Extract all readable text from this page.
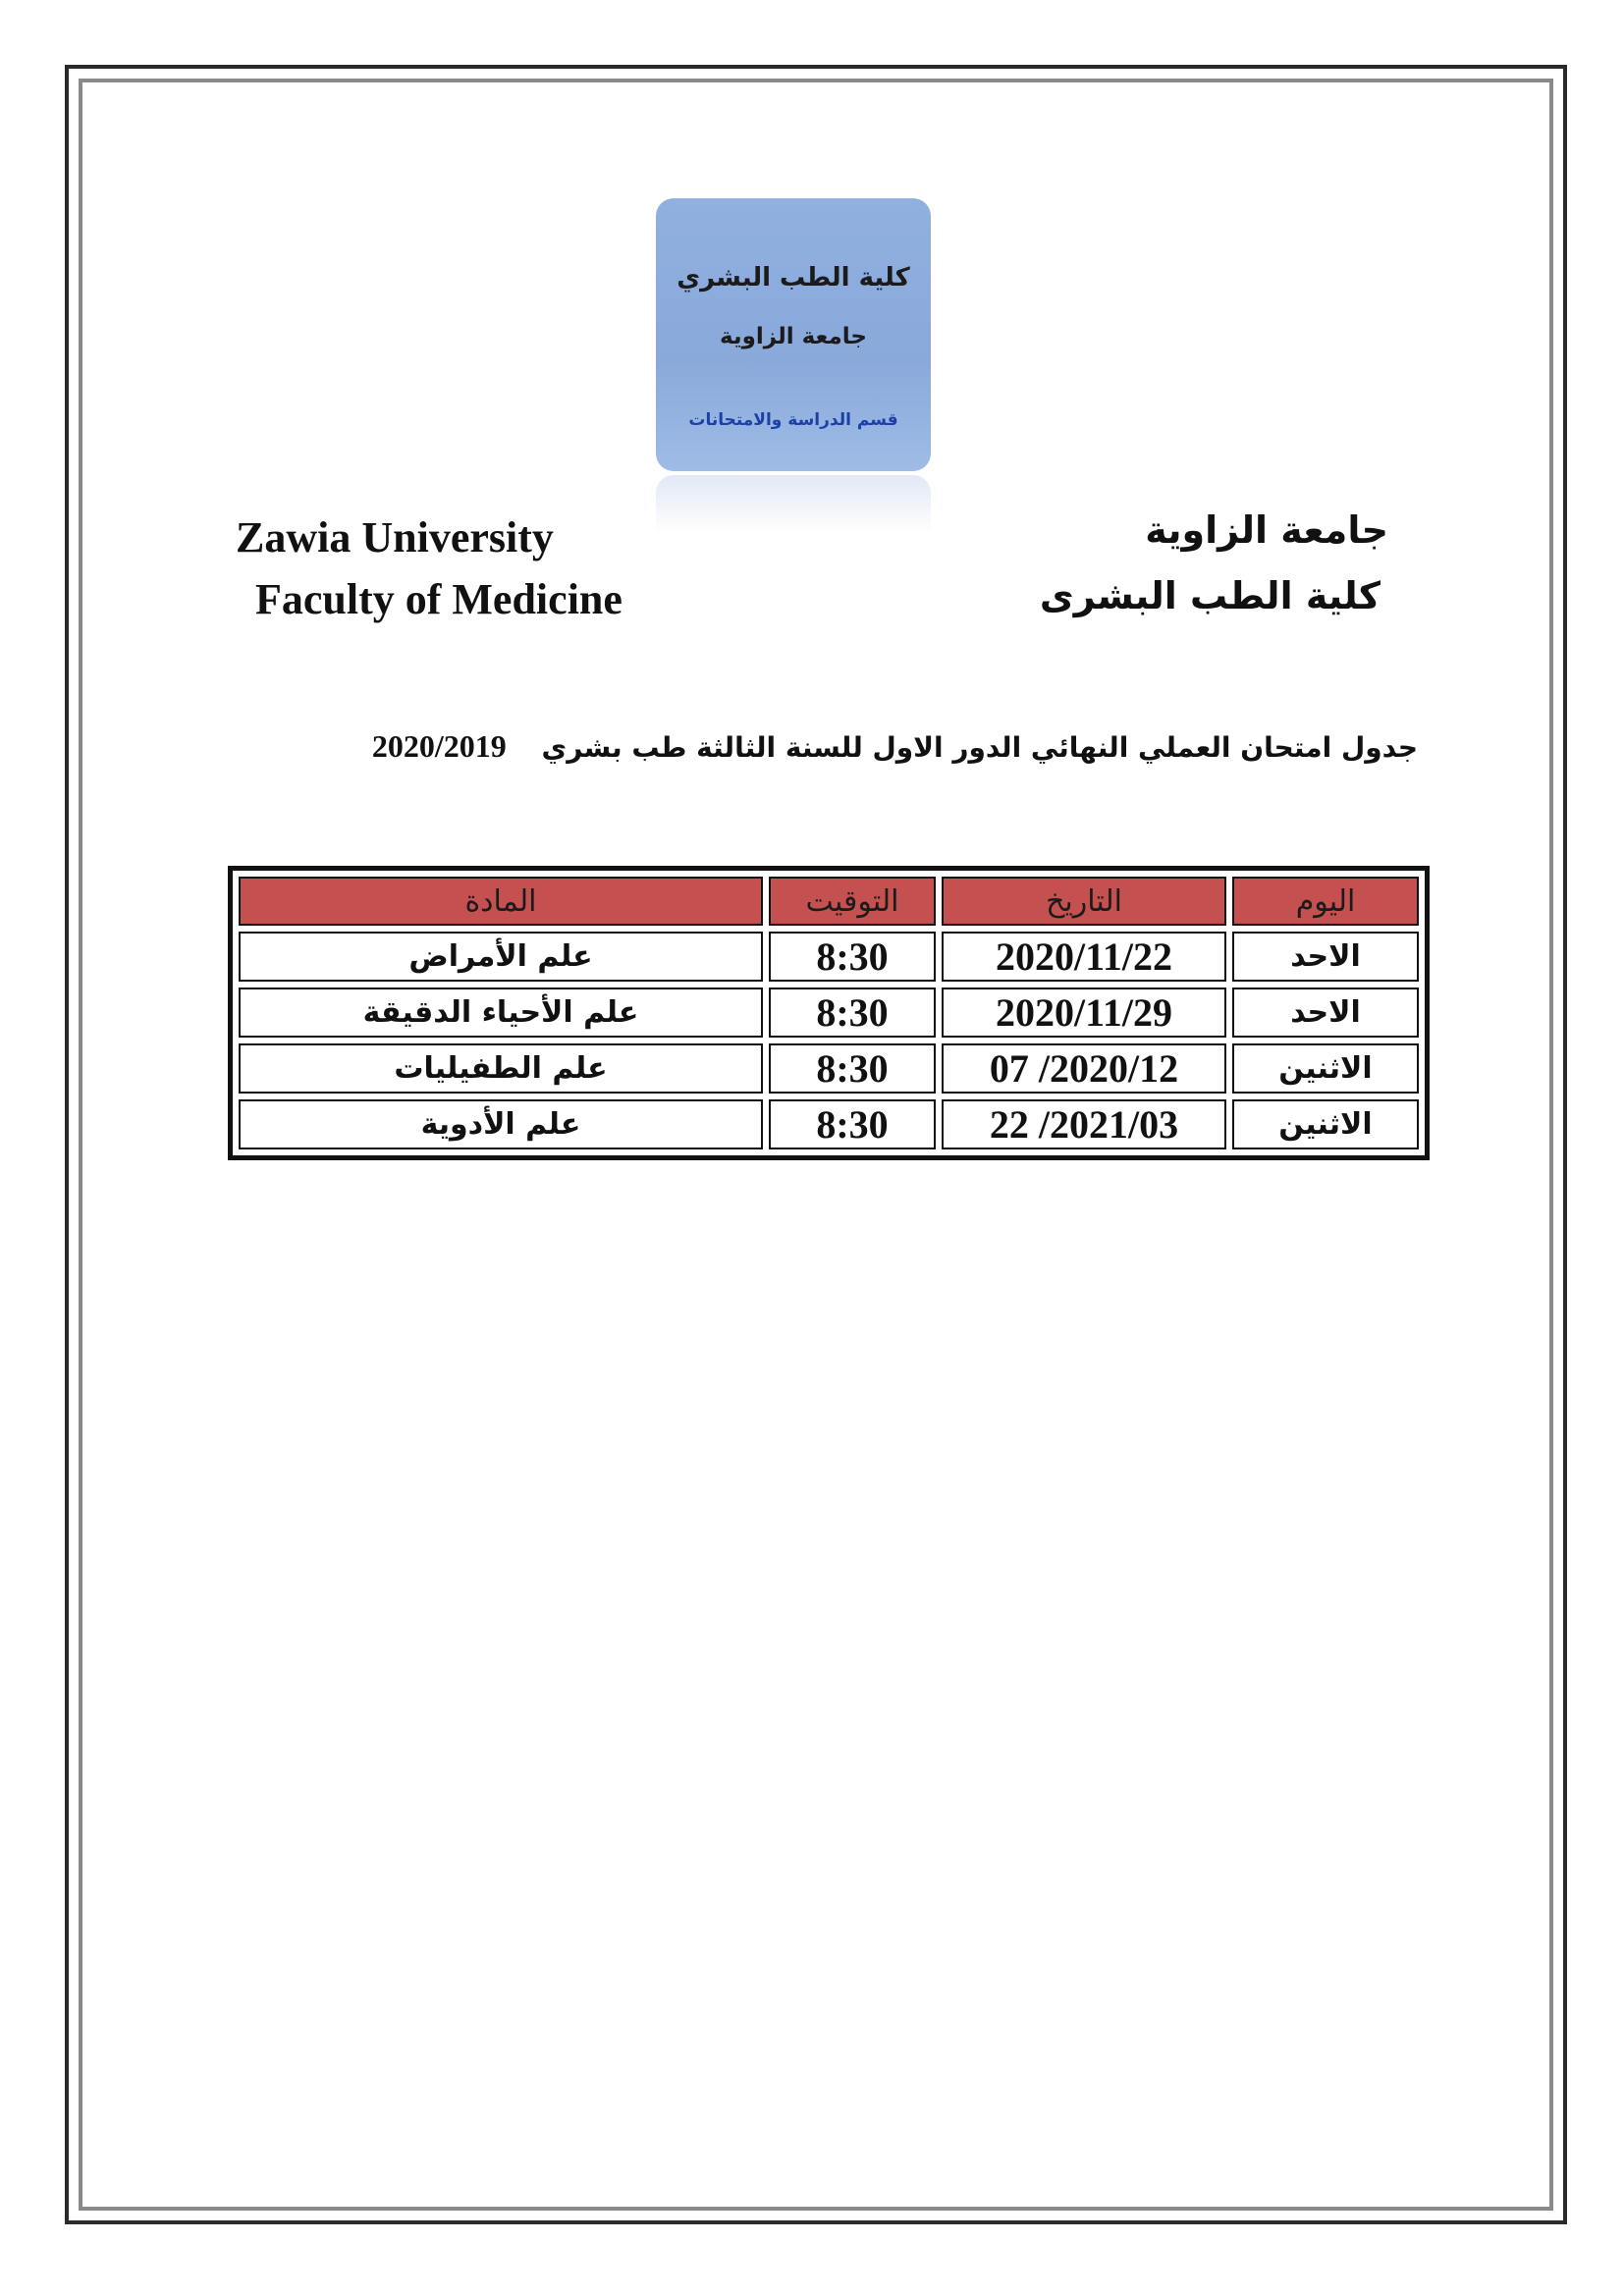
كلية الطب البشري
جامعة الزاوية
قسم الدراسة والامتحانات
Zawia University
Faculty of Medicine
جامعة الزاوية
كلية الطب البشرى
جدول امتحان العملي النهائي الدور الاول للسنة الثالثة طب بشري 2020/2019
اليوم	التاريخ	التوقيت	المادة
الاحد	2020/11/22	8:30	علم الأمراض
الاحد	2020/11/29	8:30	علم الأحياء الدقيقة
الاثنين	2020/12/ 07	8:30	علم الطفيليات
الاثنين	2021/03/ 22	8:30	علم الأدوية
